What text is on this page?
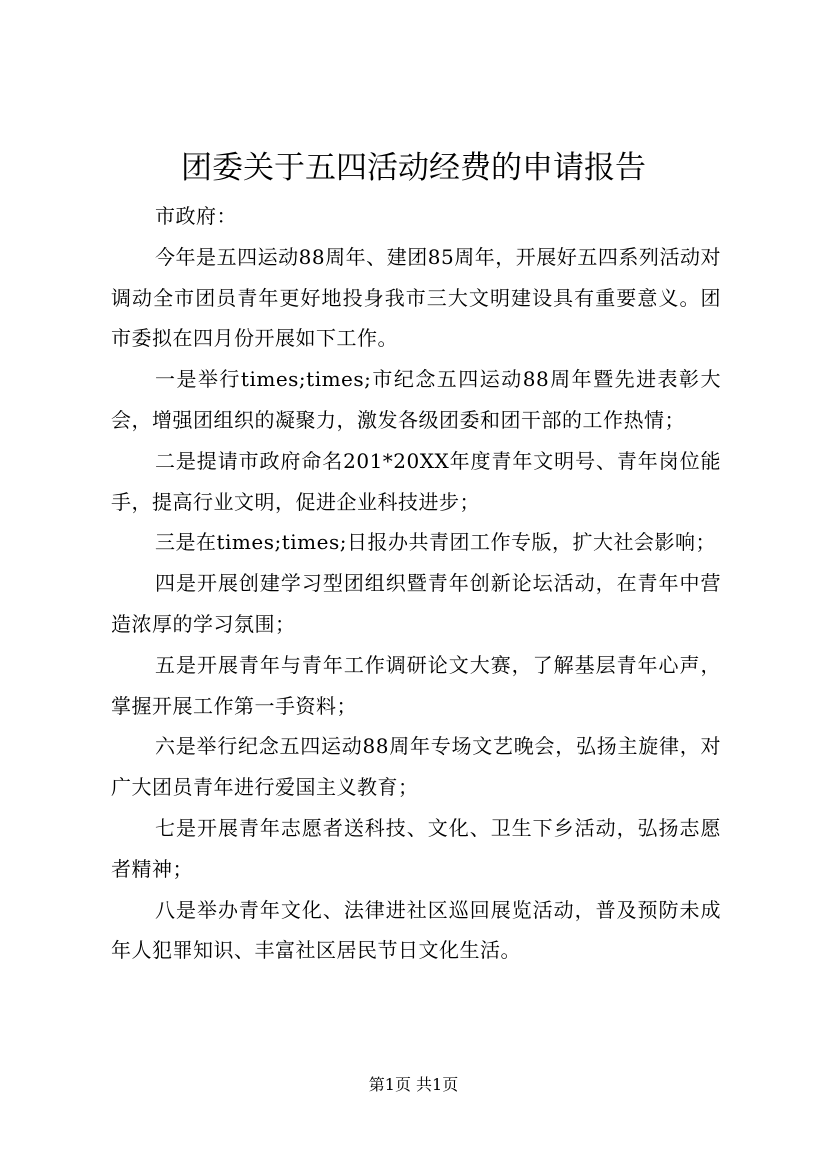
团委关于五四活动经费的申请报告

市政府：

今年是五四运动88周年、建团85周年，开展好五四系列活动对调动全市团员青年更好地投身我市三大文明建设具有重要意义。团市委拟在四月份开展如下工作。

一是举行times;times;市纪念五四运动88周年暨先进表彰大会，增强团组织的凝聚力，激发各级团委和团干部的工作热情；

二是提请市政府命名201*20XX年度青年文明号、青年岗位能手，提高行业文明，促进企业科技进步；

三是在times;times;日报办共青团工作专版，扩大社会影响；

四是开展创建学习型团组织暨青年创新论坛活动，在青年中营造浓厚的学习氛围；

五是开展青年与青年工作调研论文大赛，了解基层青年心声，掌握开展工作第一手资料；

六是举行纪念五四运动88周年专场文艺晚会，弘扬主旋律，对广大团员青年进行爱国主义教育；

七是开展青年志愿者送科技、文化、卫生下乡活动，弘扬志愿者精神；

八是举办青年文化、法律进社区巡回展览活动，普及预防未成年人犯罪知识、丰富社区居民节日文化生活。

第1页 共1页
